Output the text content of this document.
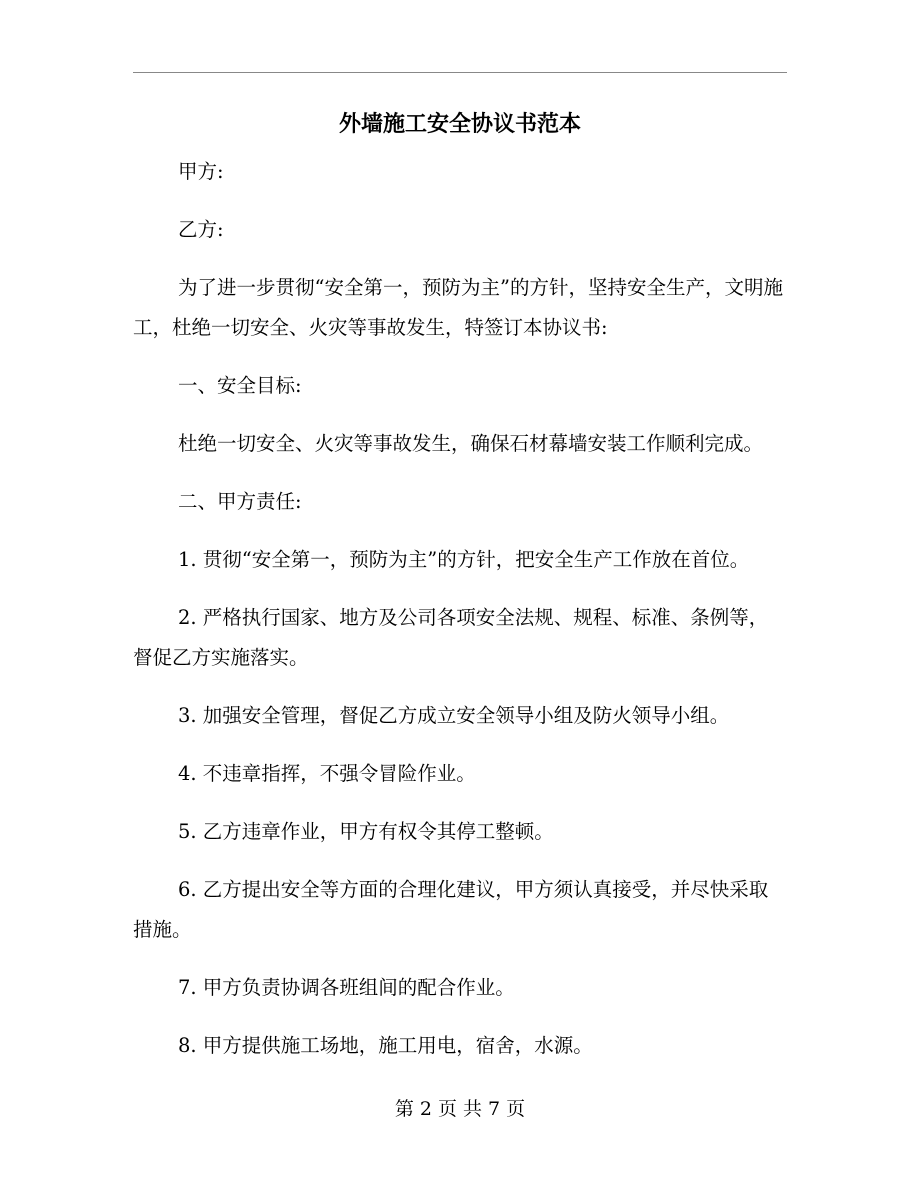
外墙施工安全协议书范本

甲方:

乙方:

为了进一步贯彻“安全第一，预防为主”的方针，坚持安全生产，文明施工，杜绝一切安全、火灾等事故发生，特签订本协议书:

一、安全目标:

杜绝一切安全、火灾等事故发生，确保石材幕墙安装工作顺利完成。

二、甲方责任:

1. 贯彻“安全第一，预防为主”的方针，把安全生产工作放在首位。

2. 严格执行国家、地方及公司各项安全法规、规程、标准、条例等，督促乙方实施落实。

3. 加强安全管理，督促乙方成立安全领导小组及防火领导小组。

4. 不违章指挥，不强令冒险作业。

5. 乙方违章作业，甲方有权令其停工整顿。

6. 乙方提出安全等方面的合理化建议，甲方须认真接受，并尽快采取措施。

7. 甲方负责协调各班组间的配合作业。

8. 甲方提供施工场地，施工用电，宿舍，水源。

第 2 页 共 7 页
